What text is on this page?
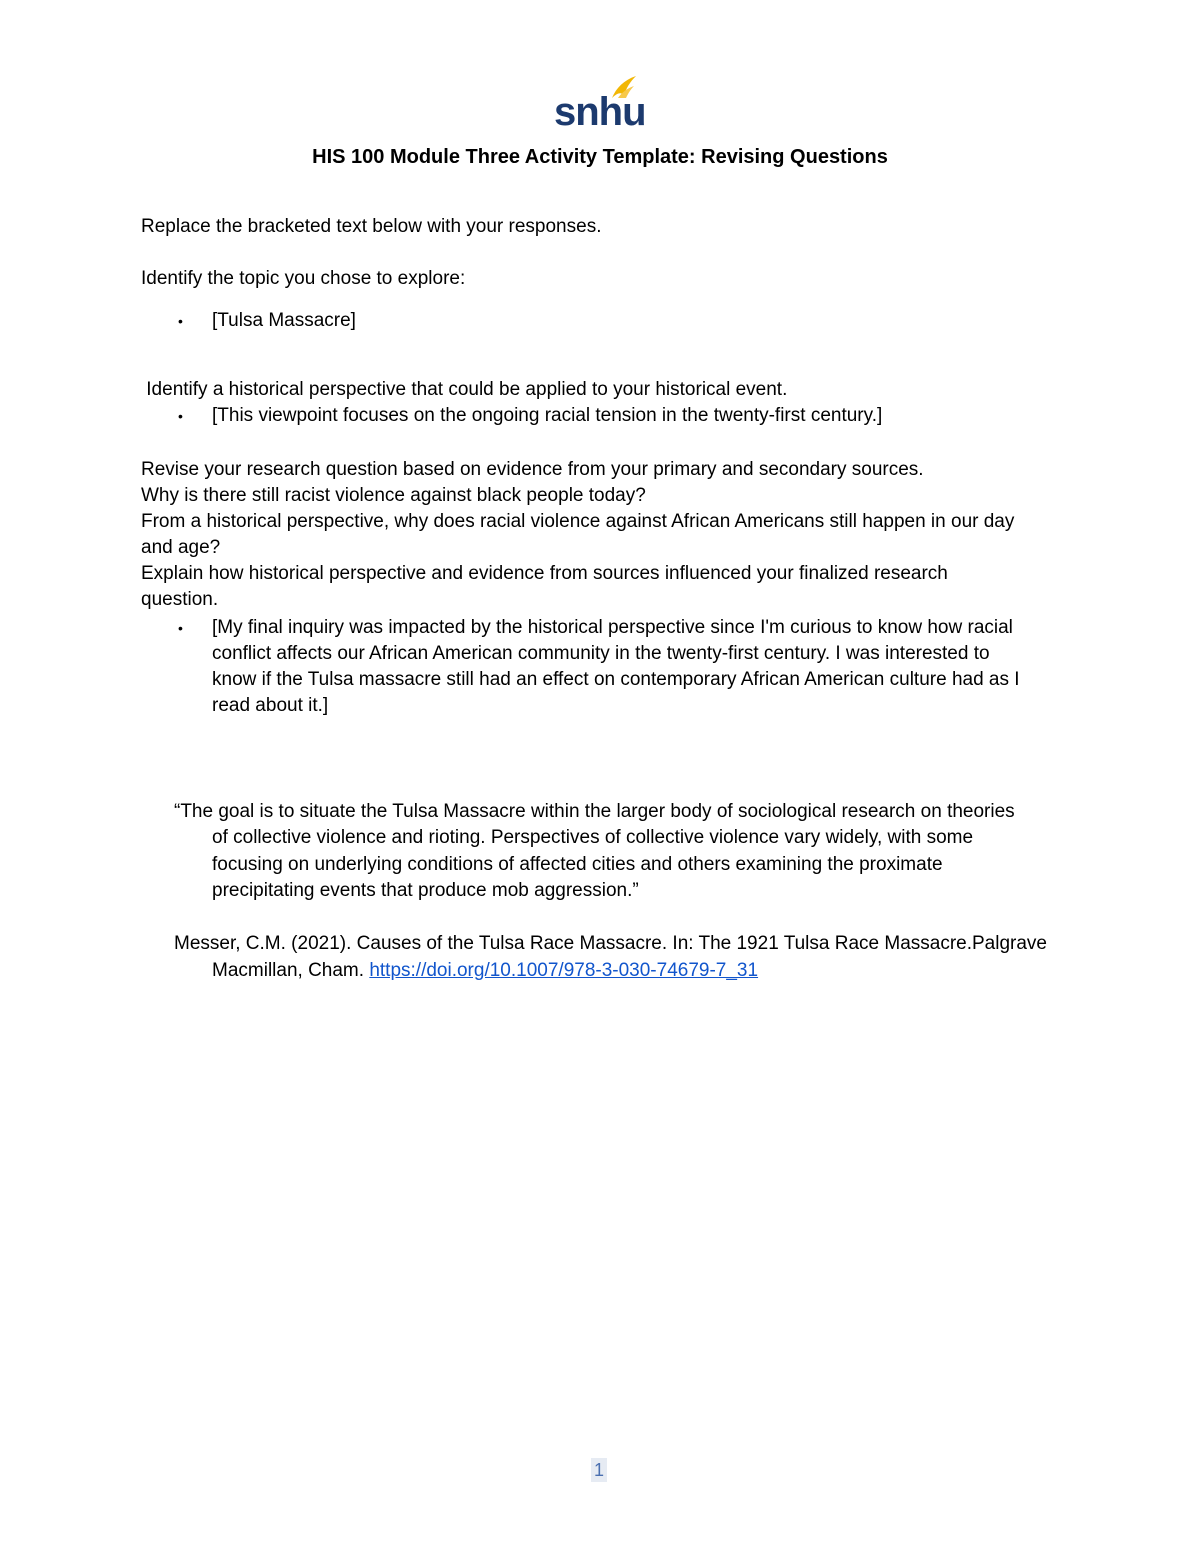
snhu
HIS 100 Module Three Activity Template: Revising Questions
Replace the bracketed text below with your responses.
Identify the topic you chose to explore:
• [Tulsa Massacre]
Identify a historical perspective that could be applied to your historical event.
• [This viewpoint focuses on the ongoing racial tension in the twenty-first century.]
Revise your research question based on evidence from your primary and secondary sources.
Why is there still racist violence against black people today?
From a historical perspective, why does racial violence against African Americans still happen in our day
and age?
Explain how historical perspective and evidence from sources influenced your finalized research
question.
• [My final inquiry was impacted by the historical perspective since I'm curious to know how racial
conflict affects our African American community in the twenty-first century. I was interested to
know if the Tulsa massacre still had an effect on contemporary African American culture had as I
read about it.]
“The goal is to situate the Tulsa Massacre within the larger body of sociological research on theories
of collective violence and rioting. Perspectives of collective violence vary widely, with some
focusing on underlying conditions of affected cities and others examining the proximate
precipitating events that produce mob aggression.”
Messer, C.M. (2021). Causes of the Tulsa Race Massacre. In: The 1921 Tulsa Race Massacre.Palgrave
Macmillan, Cham. https://doi.org/10.1007/978-3-030-74679-7_31
1
